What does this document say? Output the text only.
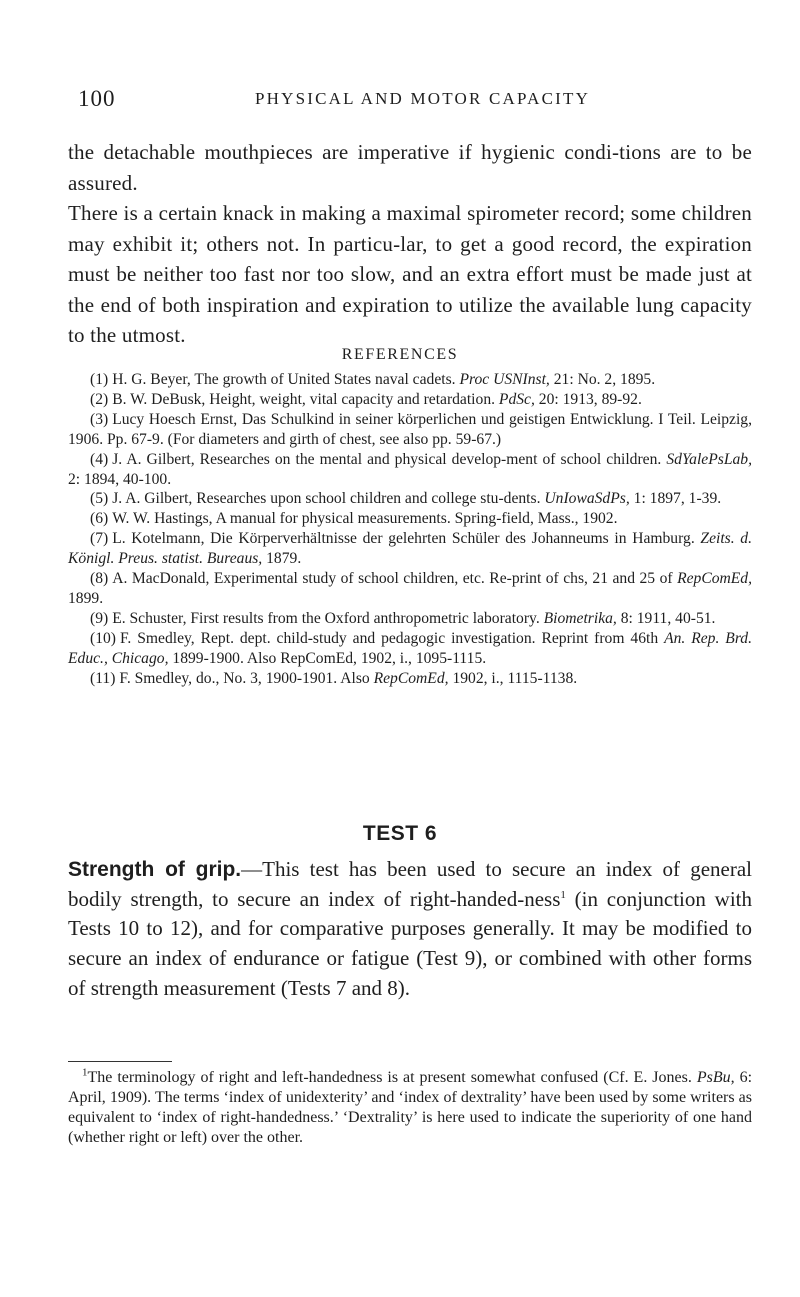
100	PHYSICAL AND MOTOR CAPACITY

the detachable mouthpieces are imperative if hygienic condi-tions are to be assured.

There is a certain knack in making a maximal spirometer record; some children may exhibit it; others not. In particu-lar, to get a good record, the expiration must be neither too fast nor too slow, and an extra effort must be made just at the end of both inspiration and expiration to utilize the available lung capacity to the utmost.

REFERENCES

(1) H. G. Beyer, The growth of United States naval cadets. Proc USNInst, 21: No. 2, 1895.

(2) B. W. DeBusk, Height, weight, vital capacity and retardation. PdSc, 20: 1913, 89-92.

(3) Lucy Hoesch Ernst, Das Schulkind in seiner körperlichen und geistigen Entwicklung. I Teil. Leipzig, 1906. Pp. 67-9. (For diameters and girth of chest, see also pp. 59-67.)

(4) J. A. Gilbert, Researches on the mental and physical develop-ment of school children. SdYalePsLab, 2: 1894, 40-100.

(5) J. A. Gilbert, Researches upon school children and college stu-dents. UnIowaSdPs, 1: 1897, 1-39.

(6) W. W. Hastings, A manual for physical measurements. Spring-field, Mass., 1902.

(7) L. Kotelmann, Die Körperverhältnisse der gelehrten Schüler des Johanneums in Hamburg. Zeits. d. Königl. Preus. statist. Bureaus, 1879.

(8) A. MacDonald, Experimental study of school children, etc. Re-print of chs, 21 and 25 of RepComEd, 1899.

(9) E. Schuster, First results from the Oxford anthropometric laboratory. Biometrika, 8: 1911, 40-51.

(10) F. Smedley, Rept. dept. child-study and pedagogic investigation. Reprint from 46th An. Rep. Brd. Educ., Chicago, 1899-1900. Also RepComEd, 1902, i., 1095-1115.

(11) F. Smedley, do., No. 3, 1900-1901. Also RepComEd, 1902, i., 1115-1138.

TEST 6
Strength of grip.—This test has been used to secure an index of general bodily strength, to secure an index of right-handed-ness$^1$ (in conjunction with Tests 10 to 12), and for comparative purposes generally. It may be modified to secure an index of endurance or fatigue (Test 9), or combined with other forms of strength measurement (Tests 7 and 8).

$^1$The terminology of right and left-handedness is at present somewhat confused (Cf. E. Jones. PsBu, 6: April, 1909). The terms ‘index of unidexterity’ and ‘index of dextrality’ have been used by some writers as equivalent to ‘index of right-handedness.’ ‘Dextrality’ is here used to indicate the superiority of one hand (whether right or left) over the other.
